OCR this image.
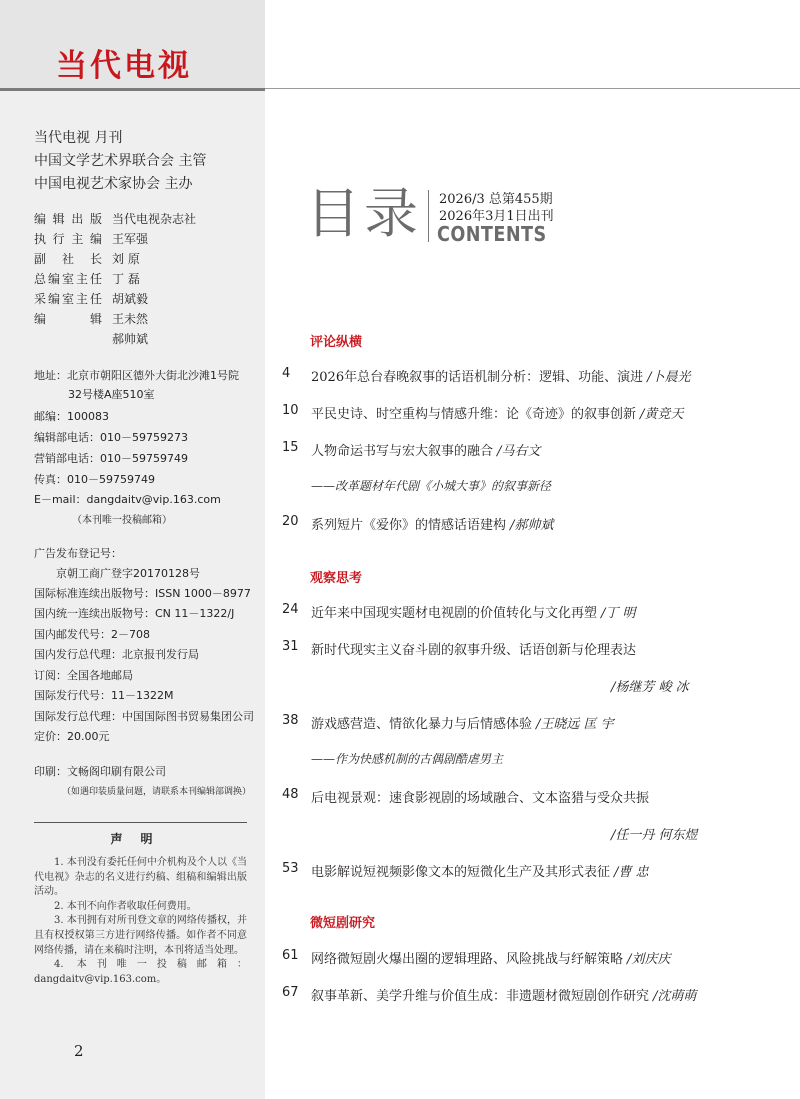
当代电视
当代电视 月刊
中国文学艺术界联合会 主管
中国电视艺术家协会 主办
编辑出版 当代电视杂志社
执行主编 王军强
副社长 刘 原
总编室主任 丁 磊
采编室主任 胡斌毅
编辑 王未然
郝帅斌
地址：北京市朝阳区德外大街北沙滩1号院
32号楼A座510室
邮编：100083
编辑部电话：010－59759273
营销部电话：010－59759749
传真：010－59759749
E－mail：dangdaitv@vip.163.com
（本刊唯一投稿邮箱）
广告发布登记号：
京朝工商广登字20170128号
国际标准连续出版物号：ISSN 1000－8977
国内统一连续出版物号：CN 11－1322/J
国内邮发代号：2－708
国内发行总代理：北京报刊发行局
订阅：全国各地邮局
国际发行代号：11－1322M
国际发行总代理：中国国际图书贸易集团公司
定价：20.00元
印刷：文畅阁印刷有限公司
（如遇印装质量问题，请联系本刊编辑部调换）
声明

1. 本刊没有委托任何中介机构及个人以《当代电视》杂志的名义进行约稿、组稿和编辑出版活动。

2. 本刊不向作者收取任何费用。

3. 本刊拥有对所刊登文章的网络传播权，并且有权授权第三方进行网络传播。如作者不同意网络传播，请在来稿时注明，本刊将适当处理。

4. 本刊唯一投稿邮箱：dangdaitv@vip.163.com。

2
目录 2026/3 总第455期
2026年3月1日出刊
CONTENTS
评论纵横
4 2026年总台春晚叙事的话语机制分析：逻辑、功能、演进 /卜晨光
10 平民史诗、时空重构与情感升维：论《奇迹》的叙事创新 /黄竞天
15 人物命运书写与宏大叙事的融合 /马右文
——改革题材年代剧《小城大事》的叙事新径
20 系列短片《爱你》的情感话语建构 /郝帅斌
观察思考
24 近年来中国现实题材电视剧的价值转化与文化再塑 /丁 明
31 新时代现实主义奋斗剧的叙事升级、话语创新与伦理表达
/杨继芳 峻 冰
38 游戏感营造、情欲化暴力与后情感体验 /王晓远 匡 宇
——作为快感机制的古偶剧酷虐男主
48 后电视景观：速食影视剧的场域融合、文本盗猎与受众共振
/任一丹 何东煜
53 电影解说短视频影像文本的短微化生产及其形式表征 /曹 忠
微短剧研究
61 网络微短剧火爆出圈的逻辑理路、风险挑战与纾解策略 /刘庆庆
67 叙事革新、美学升维与价值生成：非遗题材微短剧创作研究 /沈萌萌
